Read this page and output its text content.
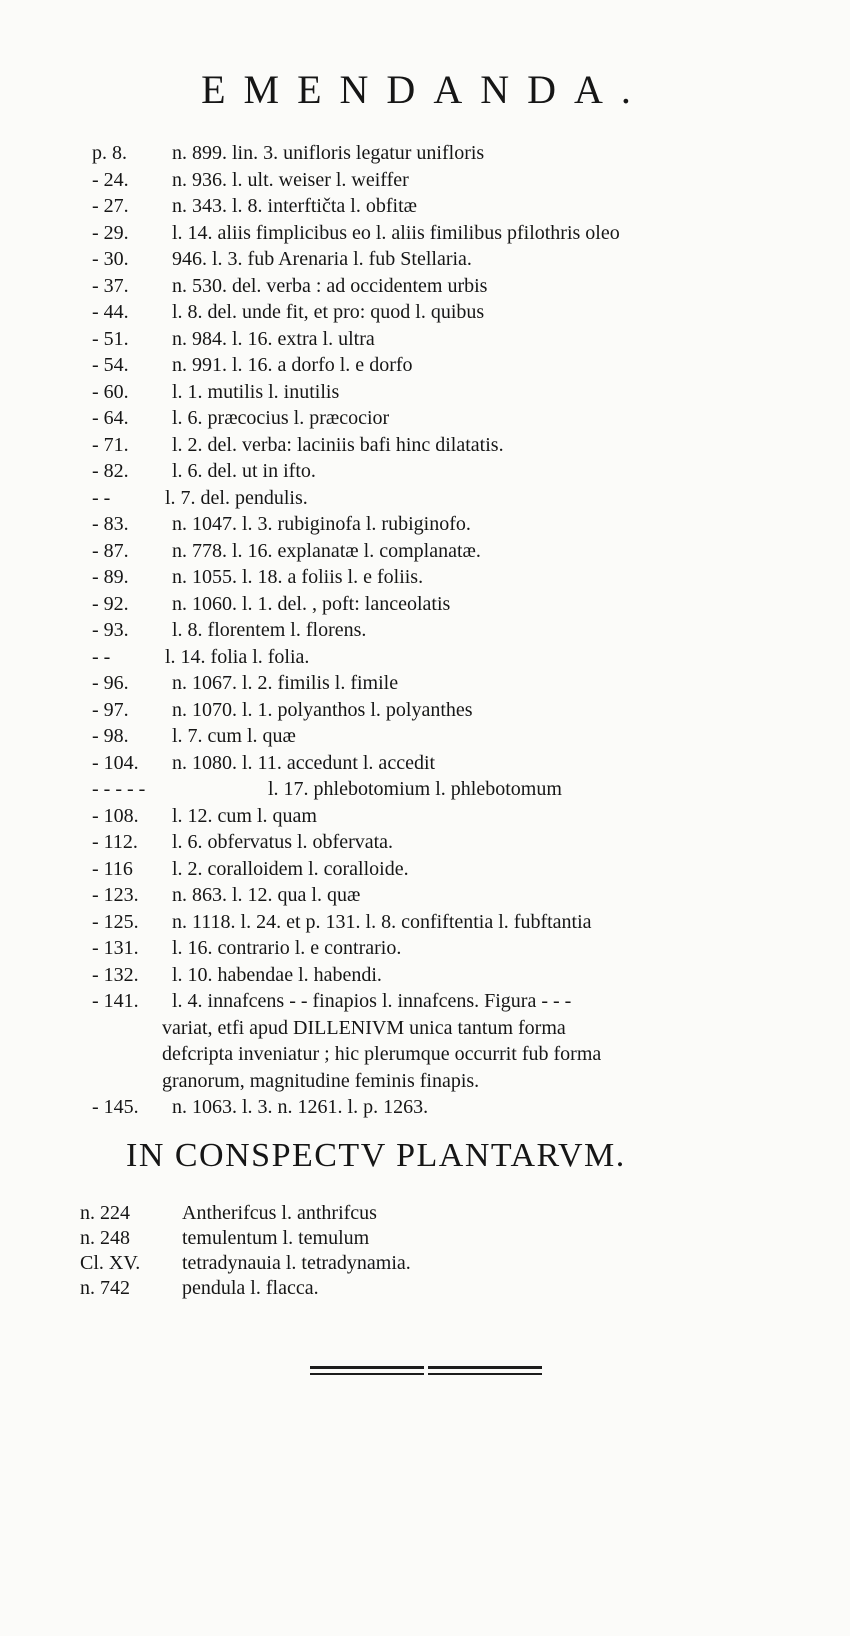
EMENDANDA.
p. 8.	n. 899. lin. 3. unifloris legatur unifloris
- 24.	n. 936. l. ult. weiser l. weiffer
- 27.	n. 343. l. 8. interftičta l. obfitæ
- 29.	l. 14. aliis fimplicibus eo l. aliis fimilibus pfilothris oleo
- 30.	946. l. 3. fub Arenaria l. fub Stellaria.
- 37.	n. 530. del. verba : ad occidentem urbis
- 44.	l. 8. del. unde fit, et pro: quod l. quibus
- 51.	n. 984. l. 16. extra l. ultra
- 54.	n. 991. l. 16. a dorfo l. e dorfo
- 60.	l. 1. mutilis l. inutilis
- 64.	l. 6. præcocius l. præcocior
- 71.	l. 2. del. verba: laciniis bafi hinc dilatatis.
- 82.	l. 6. del. ut in ifto.
- -	l. 7. del. pendulis.
- 83.	n. 1047. l. 3. rubiginofa l. rubiginofo.
- 87.	n. 778. l. 16. explanatæ l. complanatæ.
- 89.	n. 1055. l. 18. a foliis l. e foliis.
- 92.	n. 1060. l. 1. del. , poft: lanceolatis
- 93.	l. 8. florentem l. florens.
- -	l. 14. folia l. folia.
- 96.	n. 1067. l. 2. fimilis l. fimile
- 97.	n. 1070. l. 1. polyanthos l. polyanthes
- 98.	l. 7. cum l. quæ
- 104.	n. 1080. l. 11. accedunt l. accedit
- - - - -	l. 17. phlebotomium l. phlebotomum
- 108.	l. 12. cum l. quam
- 112.	l. 6. obfervatus l. obfervata.
- 116	l. 2. coralloidem l. coralloide.
- 123.	n. 863. l. 12. qua l. quæ
- 125.	n. 1118. l. 24. et p. 131. l. 8. confiftentia l. fubftantia
- 131.	l. 16. contrario l. e contrario.
- 132.	l. 10. habendae l. habendi.
- 141.	l. 4. innafcens - - finapios l. innafcens. Figura - - -
variat, etfi apud DILLENIVM unica tantum forma
defcripta inveniatur ; hic plerumque occurrit fub forma
granorum, magnitudine feminis finapis.
- 145.	n. 1063. l. 3. n. 1261. l. p. 1263.
IN CONSPECTV PLANTARVM.
n. 224	Antherifcus l. anthrifcus
n. 248	temulentum l. temulum
Cl. XV.	tetradynauia l. tetradynamia.
n. 742	pendula l. flacca.
